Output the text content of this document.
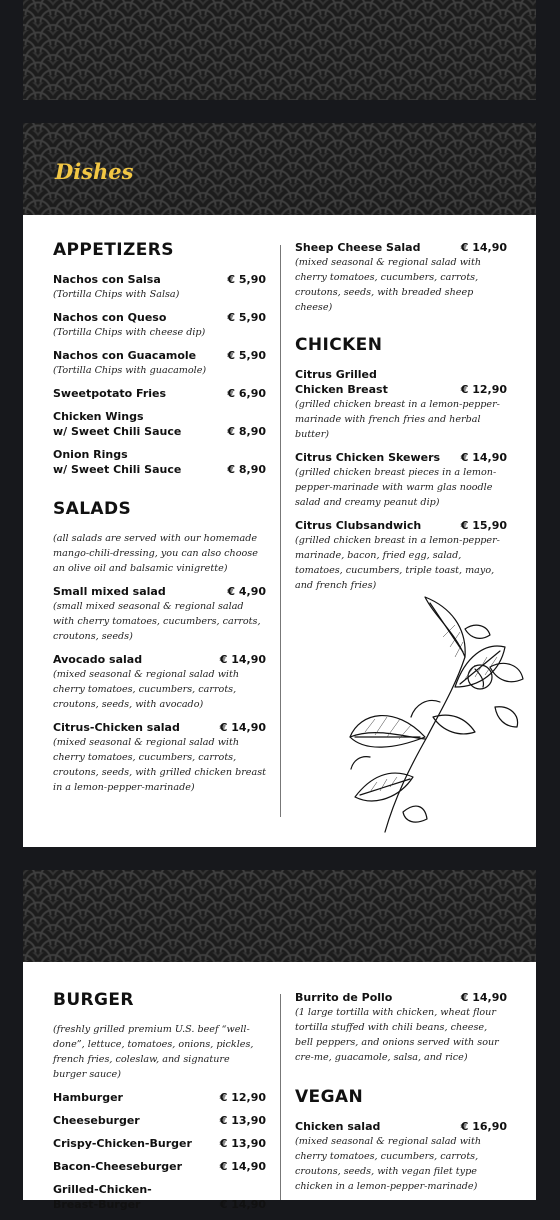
Dishes
APPETIZERS
Nachos con Salsa	€ 5,90
(Tortilla Chips with Salsa)
Nachos con Queso	€ 5,90
(Tortilla Chips with cheese dip)
Nachos con Guacamole	€ 5,90
(Tortilla Chips with guacamole)
Sweetpotato Fries	€ 6,90
Chicken Wings
w/ Sweet Chili Sauce	€ 8,90
Onion Rings
w/ Sweet Chili Sauce	€ 8,90
SALADS
(all salads are served with our homemade mango-chili-dressing, you can also choose an olive oil and balsamic vinigrette)
Small mixed salad	€ 4,90
(small mixed seasonal & regional salad with cherry tomatoes, cucumbers, carrots, croutons, seeds)
Avocado salad	€ 14,90
(mixed seasonal & regional salad with cherry tomatoes, cucumbers, carrots, croutons, seeds, with avocado)
Citrus-Chicken salad	€ 14,90
(mixed seasonal & regional salad with cherry tomatoes, cucumbers, carrots, croutons, seeds, with grilled chicken breast in a lemon-pepper-marinade)
Sheep Cheese Salad	€ 14,90
(mixed seasonal & regional salad with cherry tomatoes, cucumbers, carrots, croutons, seeds, with breaded sheep cheese)
CHICKEN
Citrus Grilled
Chicken Breast	€ 12,90
(grilled chicken breast in a lemon-pepper-marinade with french fries and herbal butter)
Citrus Chicken Skewers € 14,90
(grilled chicken breast pieces in a lemon-pepper-marinade with warm glas noodle salad and creamy peanut dip)
Citrus Clubsandwich	€ 15,90
(grilled chicken breast in a lemon-pepper-marinade, bacon, fried egg, salad, tomatoes, cucumbers, triple toast, mayo, and french fries)
BURGER
(freshly grilled premium U.S. beef “well-done”, lettuce, tomatoes, onions, pickles, french fries, coleslaw, and signature burger sauce)
Hamburger	€ 12,90
Cheeseburger	€ 13,90
Crispy-Chicken-Burger	€ 13,90
Bacon-Cheeseburger	€ 14,90
Grilled-Chicken-
Breast-Burger	€ 14,90
Burrito de Pollo	€ 14,90
(1 large tortilla with chicken, wheat flour tortilla stuffed with chili beans, cheese, bell peppers, and onions served with sour cre-me, guacamole, salsa, and rice)
VEGAN
Chicken salad	€ 16,90
(mixed seasonal & regional salad with cherry tomatoes, cucumbers, carrots, croutons, seeds, with vegan filet type chicken in a lemon-pepper-marinade)
